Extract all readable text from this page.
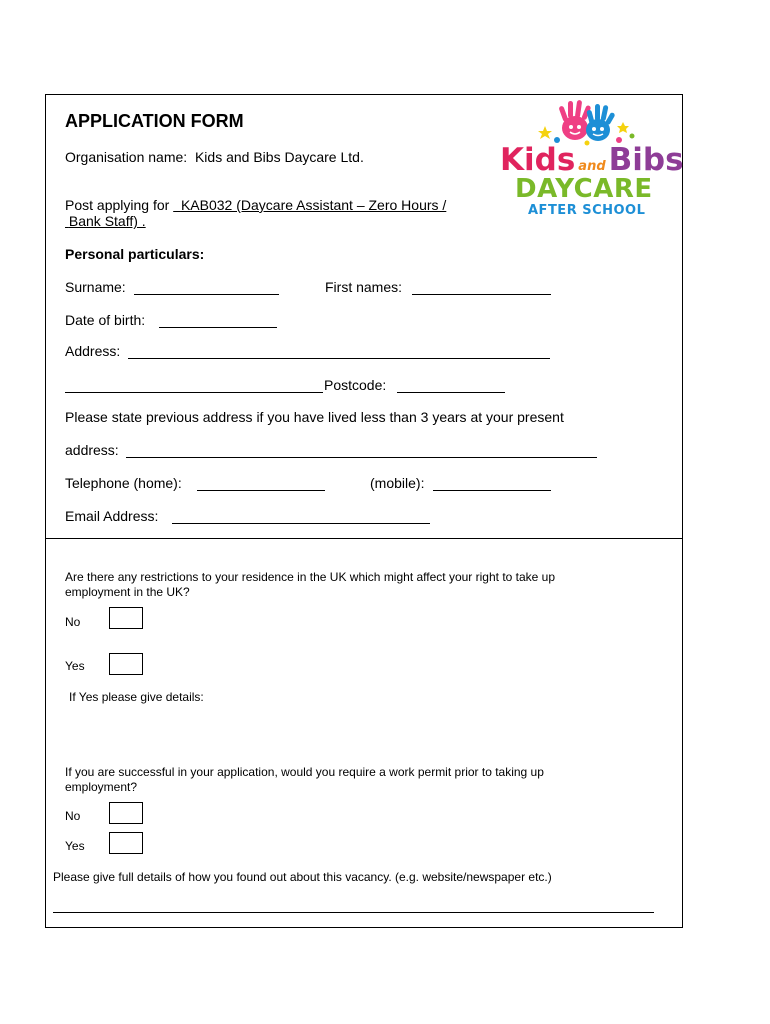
APPLICATION FORM
Organisation name: Kids and Bibs Daycare Ltd.
Post applying for KAB032 (Daycare Assistant – Zero Hours /
Bank Staff) .
Kids andBibs
DAYCARE
AFTER SCHOOL
Personal particulars:
Surname:	First names:
Date of birth:
Address:
Postcode:
Please state previous address if you have lived less than 3 years at your present
address:
Telephone (home):	(mobile):
Email Address:
Are there any restrictions to your residence in the UK which might affect your right to take up
employment in the UK?
No
Yes
If Yes please give details:
If you are successful in your application, would you require a work permit prior to taking up
employment?
No
Yes
Please give full details of how you found out about this vacancy. (e.g. website/newspaper etc.)
